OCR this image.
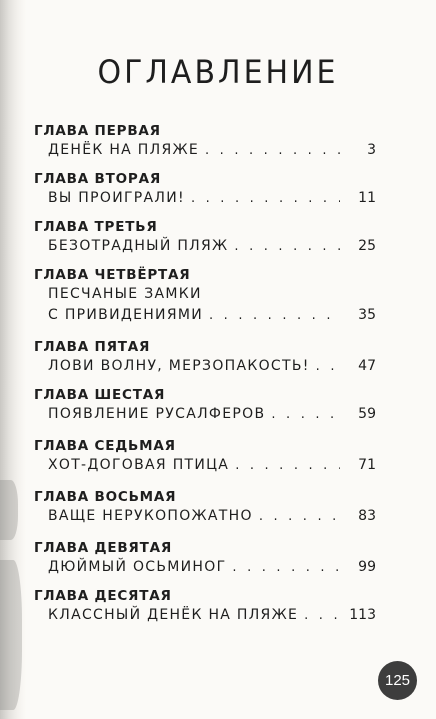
ОГЛАВЛЕНИЕ
ГЛАВА ПЕРВАЯ
ДЕНЁК НА ПЛЯЖЕ . . .	3
ГЛАВА ВТОРАЯ
ВЫ ПРОИГРАЛИ! . . .	11
ГЛАВА ТРЕТЬЯ
БЕЗОТРАДНЫЙ ПЛЯЖ . . .	25
ГЛАВА ЧЕТВЁРТАЯ
ПЕСЧАНЫЕ ЗАМКИ
С ПРИВИДЕНИЯМИ . . .	35
ГЛАВА ПЯТАЯ
ЛОВИ ВОЛНУ, МЕРЗОПАКОСТЬ! . . .	47
ГЛАВА ШЕСТАЯ
ПОЯВЛЕНИЕ РУСАЛФЕРОВ . . .	59
ГЛАВА СЕДЬМАЯ
ХОТ-ДОГОВАЯ ПТИЦА . . .	71
ГЛАВА ВОСЬМАЯ
ВАЩЕ НЕРУКОПОЖАТНО . . .	83
ГЛАВА ДЕВЯТАЯ
ДЮЙМЫЙ ОСЬМИНОГ . . .	99
ГЛАВА ДЕСЯТАЯ
КЛАССНЫЙ ДЕНЁК НА ПЛЯЖЕ . . .	113
125
